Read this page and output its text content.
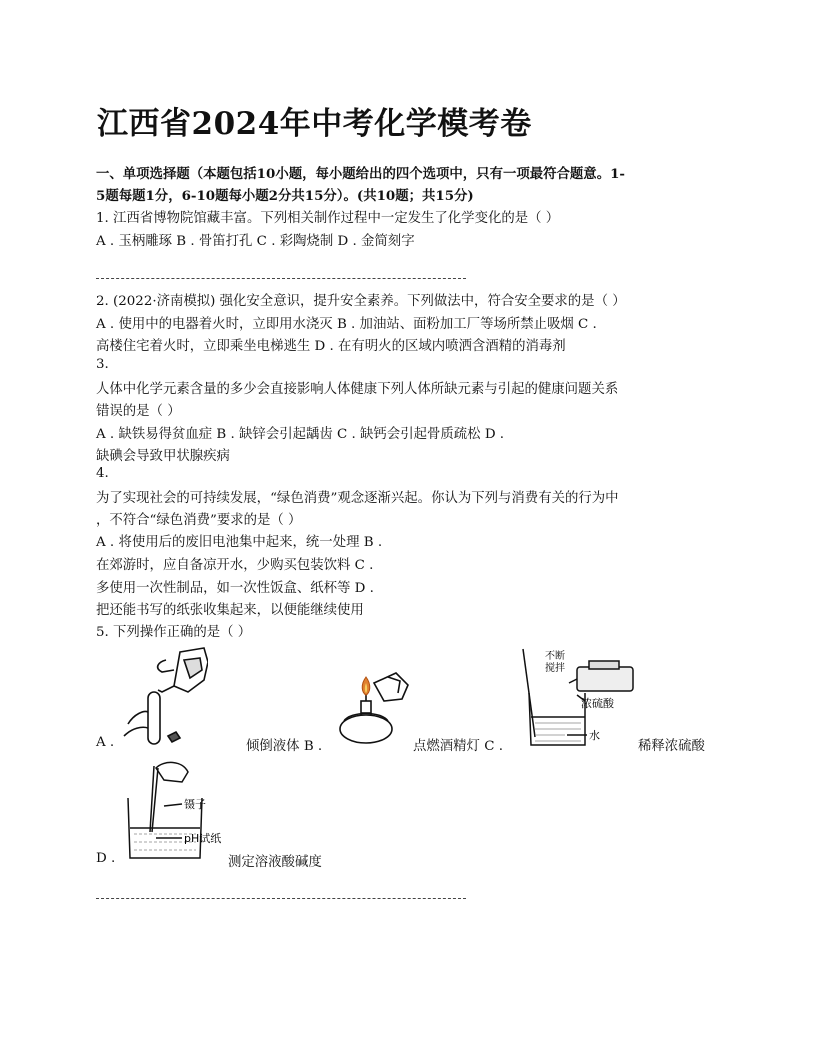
江西省2024年中考化学模考卷
一、单项选择题（本题包括10小题，每小题给出的四个选项中，只有一项最符合题意。1-
5题每题1分，6-10题每小题2分共15分）。(共10题；共15分)
1. 江西省博物院馆藏丰富。下列相关制作过程中一定发生了化学变化的是（ ）
A . 玉柄雕琢 B . 骨笛打孔 C . 彩陶烧制 D . 金简刻字
2. (2022·济南模拟) 强化安全意识，提升安全素养。下列做法中，符合安全要求的是（ ）
A . 使用中的电器着火时，立即用水浇灭 B . 加油站、面粉加工厂等场所禁止吸烟 C .
高楼住宅着火时，立即乘坐电梯逃生 D . 在有明火的区域内喷洒含酒精的消毒剂
3.
人体中化学元素含量的多少会直接影响人体健康下列人体所缺元素与引起的健康问题关系
错误的是（ ）
A . 缺铁易得贫血症 B . 缺锌会引起龋齿 C . 缺钙会引起骨质疏松 D .
缺碘会导致甲状腺疾病
4.
为了实现社会的可持续发展，“绿色消费”观念逐渐兴起。你认为下列与消费有关的行为中
，不符合“绿色消费”要求的是（ ）
A . 将使用后的废旧电池集中起来，统一处理 B .
在郊游时，应自备凉开水，少购买包装饮料 C .
多使用一次性制品，如一次性饭盒、纸杯等 D .
把还能书写的纸张收集起来，以便能继续使用
5. 下列操作正确的是（ ）
A .	倾倒液体 B .	点燃酒精灯 C .
不断
搅拌
浓硫酸
水
稀释浓硫酸
镊子
pH试纸
D .	测定溶液酸碱度
